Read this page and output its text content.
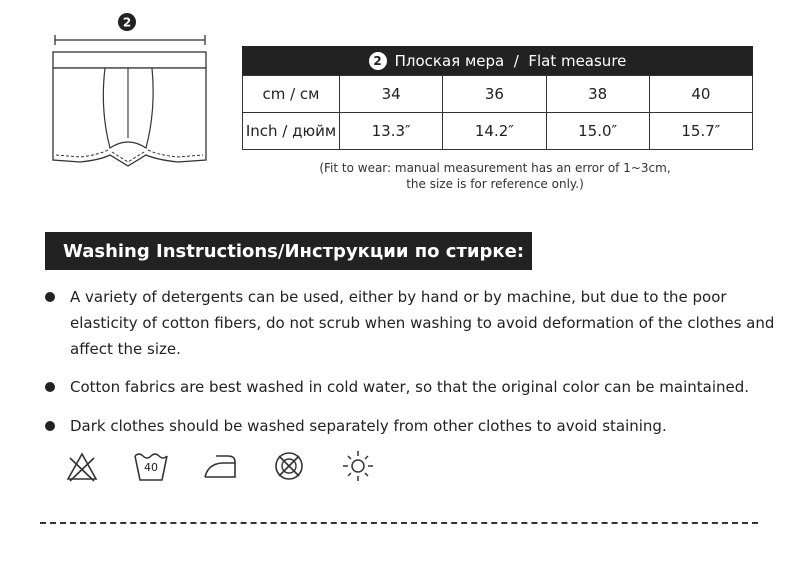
2
2 Плоская мера  /  Flat measure
cm / см	34	36	38	40
Inch / дюйм	13.3″	14.2″	15.0″	15.7″
(Fit to wear: manual measurement has an error of 1~3cm,
the size is for reference only.)
Washing Instructions/Инструкции по стирке:
A variety of detergents can be used, either by hand or by machine, but due to the poor elasticity of cotton fibers, do not scrub when washing to avoid deformation of the clothes and affect the size.
Cotton fabrics are best washed in cold water, so that the original color can be maintained.
Dark clothes should be washed separately from other clothes to avoid staining.
40
